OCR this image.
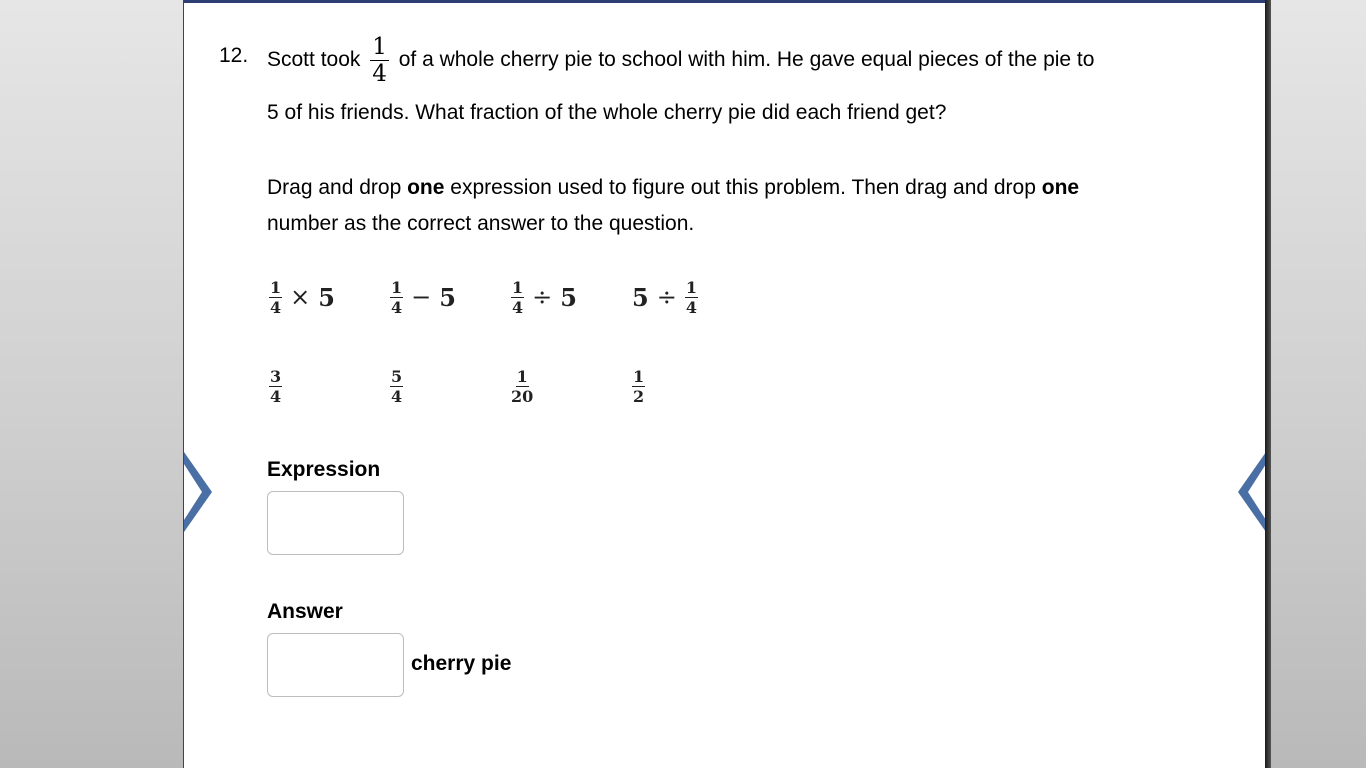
12. Scott took $\frac{1}{4}$ of a whole cherry pie to school with him. He gave equal pieces of the pie to
5 of his friends. What fraction of the whole cherry pie did each friend get?
Drag and drop one expression used to figure out this problem. Then drag and drop one
number as the correct answer to the question.
$\frac{1}{4} \times 5$	$\frac{1}{4} - 5$	$\frac{1}{4} \div 5$ $5 \div \frac{1}{4}$
$\frac{3}{4}$	$\frac{5}{4}$	$\frac{1}{20}$	$\frac{1}{2}$
Expression
Answer
cherry pie
